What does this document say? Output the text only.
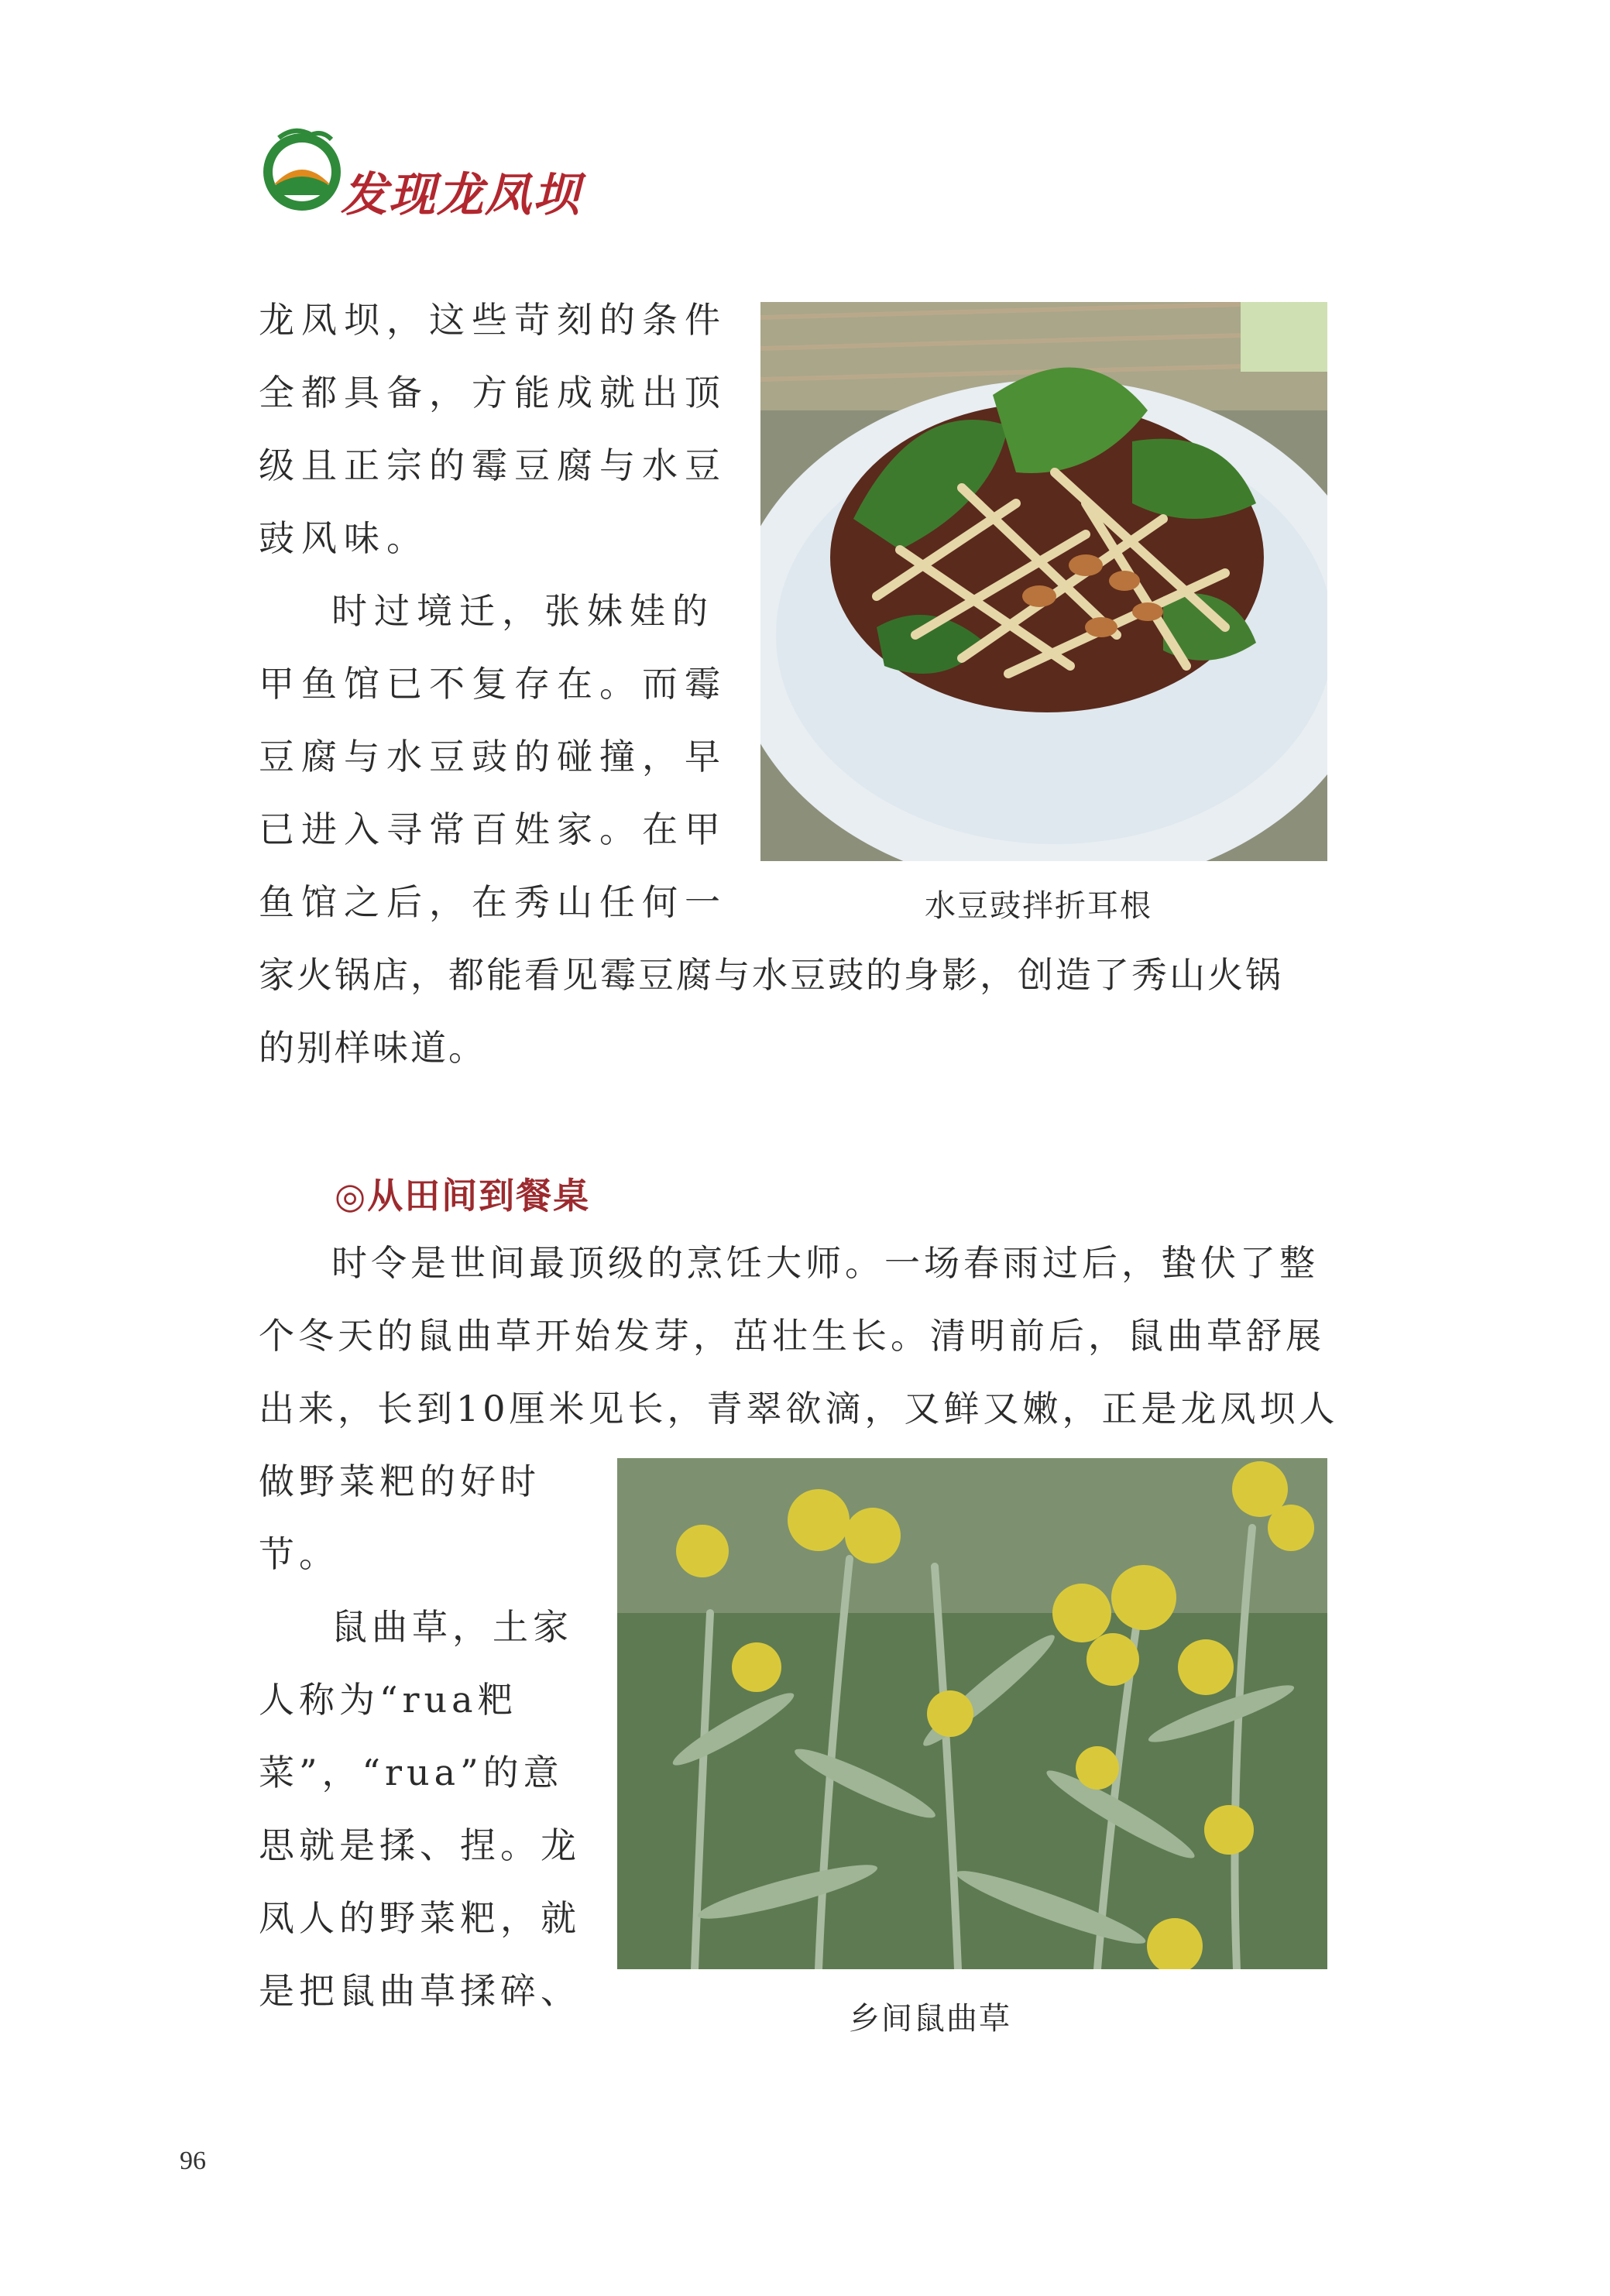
发现龙凤坝
龙凤坝，这些苛刻的条件
全都具备，方能成就出顶
级且正宗的霉豆腐与水豆
豉风味。
时过境迁，张妹娃的
甲鱼馆已不复存在。而霉
豆腐与水豆豉的碰撞，早
已进入寻常百姓家。在甲
鱼馆之后，在秀山任何一
家火锅店，都能看见霉豆腐与水豆豉的身影，创造了秀山火锅
的别样味道。
水豆豉拌折耳根
◎从田间到餐桌
时令是世间最顶级的烹饪大师。一场春雨过后，蛰伏了整
个冬天的鼠曲草开始发芽，茁壮生长。清明前后，鼠曲草舒展
出来，长到10厘米见长，青翠欲滴，又鲜又嫩，正是龙凤坝人
做野菜粑的好时
节。
鼠曲草，土家
人称为“rua粑
菜”，“rua”的意
思就是揉、捏。龙
凤人的野菜粑，就
是把鼠曲草揉碎、
乡间鼠曲草
96
